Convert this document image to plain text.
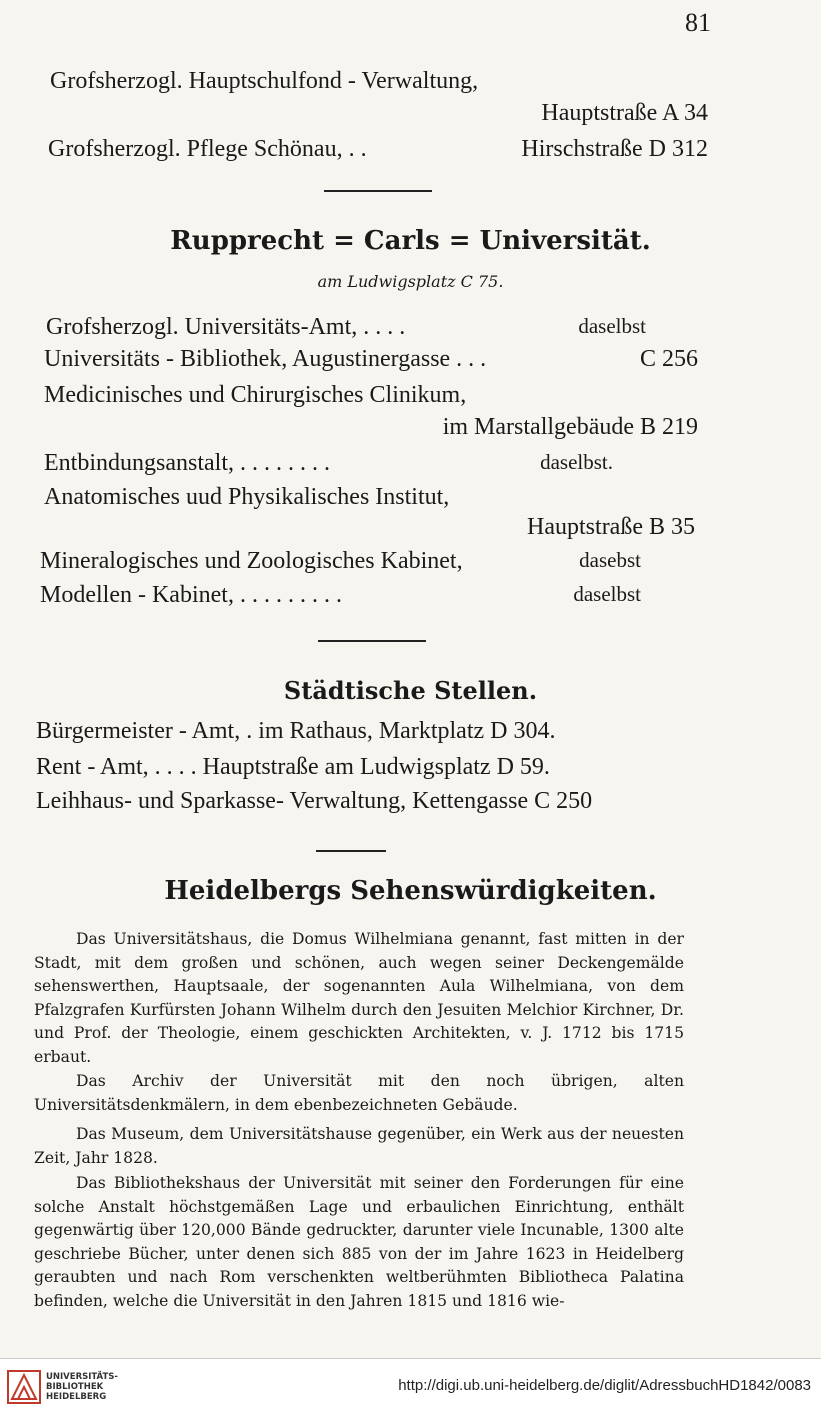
81
Grofsherzogl. Hauptschulfond - Verwaltung,
Hauptstraße A 34
Grofsherzogl. Pflege Schönau, . .	Hirschstraße D 312
Rupprecht = Carls = Universität.
am Ludwigsplatz C 75.
Grofsherzogl. Universitäts-Amt, . . . .	daselbst
Universitäts - Bibliothek, Augustinergasse . . .	C 256
Medicinisches und Chirurgisches Clinikum,
im Marstallgebäude B 219
Entbindungsanstalt, . . . . . . . .	daselbst.
Anatomisches uud Physikalisches Institut,
Hauptstraße B 35
Mineralogisches und Zoologisches Kabinet,	dasebst
Modellen - Kabinet, . . . . . . . . .	daselbst
Städtische Stellen.
Bürgermeister - Amt, . im Rathaus, Marktplatz D 304.
Rent - Amt, . . . . Hauptstraße am Ludwigsplatz D 59.
Leihhaus- und Sparkasse- Verwaltung, Kettengasse C 250
Heidelbergs Sehenswürdigkeiten.

Das Universitätshaus, die Domus Wilhelmiana genannt, fast mitten in der Stadt, mit dem großen und schönen, auch wegen seiner Deckengemälde sehenswerthen, Hauptsaale, der sogenannten Aula Wilhelmiana, von dem Pfalzgrafen Kurfürsten Johann Wilhelm durch den Jesuiten Melchior Kirchner, Dr. und Prof. der Theologie, einem geschickten Architekten, v. J. 1712 bis 1715 erbaut.

Das Archiv der Universität mit den noch übrigen, alten Universitätsdenkmälern, in dem ebenbezeichneten Gebäude.

Das Museum, dem Universitätshause gegenüber, ein Werk aus der neuesten Zeit, Jahr 1828.

Das Bibliothekshaus der Universität mit seiner den Forderungen für eine solche Anstalt höchstgemäßen Lage und erbaulichen Einrichtung, enthält gegenwärtig über 120,000 Bände gedruckter, darunter viele Incunable, 1300 alte geschriebe Bücher, unter denen sich 885 von der im Jahre 1623 in Heidelberg geraubten und nach Rom verschenkten weltberühmten Bibliotheca Palatina befinden, welche die Universität in den Jahren 1815 und 1816 wie-

UNIVERSITÄTS-
BIBLIOTHEK
HEIDELBERG
http://digi.ub.uni-heidelberg.de/diglit/AdressbuchHD1842/0083
